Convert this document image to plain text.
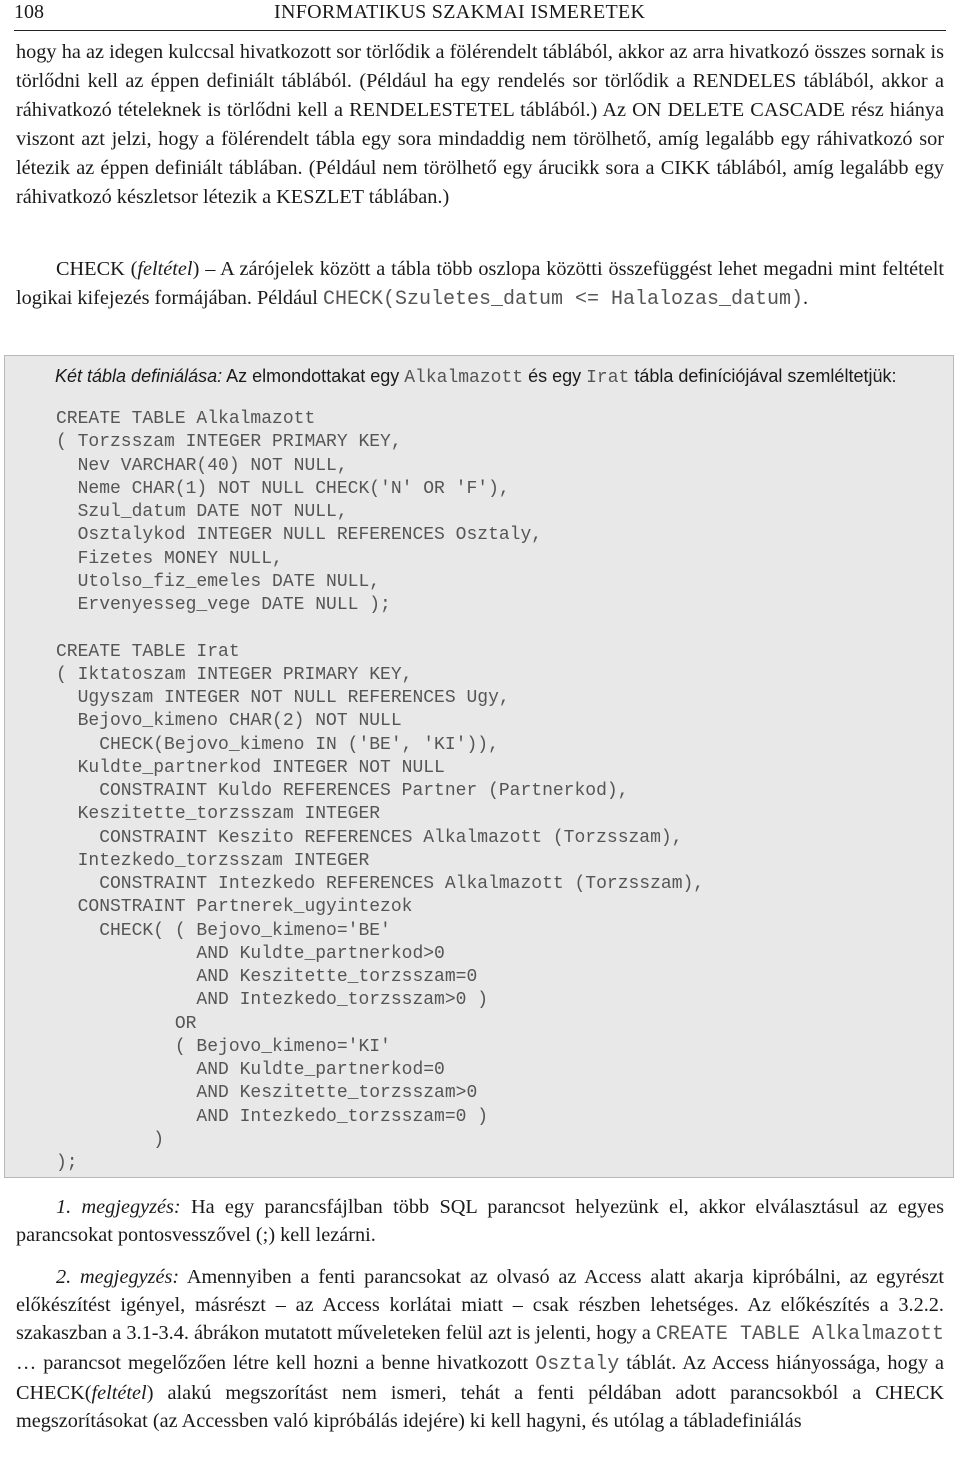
108	INFORMATIKUS SZAKMAI ISMERETEK

hogy ha az idegen kulccsal hivatkozott sor törlődik a fölérendelt táblából, akkor az arra hivatkozó összes sornak is törlődni kell az éppen definiált táblából. (Például ha egy rendelés sor törlődik a RENDELES táblából, akkor a ráhivatkozó tételeknek is törlődni kell a RENDELESTETEL táblából.) Az ON DELETE CASCADE rész hiánya viszont azt jelzi, hogy a fölérendelt tábla egy sora mindaddig nem törölhető, amíg legalább egy ráhivatkozó sor létezik az éppen definiált táblában. (Például nem törölhető egy árucikk sora a CIKK táblából, amíg legalább egy ráhivatkozó készletsor létezik a KESZLET táblában.)

CHECK (feltétel) – A zárójelek között a tábla több oszlopa közötti összefüggést lehet megadni mint feltételt logikai kifejezés formájában. Például CHECK(Szuletes_datum <= Halalozas_datum).

Két tábla definiálása: Az elmondottakat egy Alkalmazott és egy Irat tábla definíciójával szemléltetjük:

CREATE TABLE Alkalmazott
( Torzsszam INTEGER PRIMARY KEY,
Nev VARCHAR(40) NOT NULL,
Neme CHAR(1) NOT NULL CHECK('N' OR 'F'),
Szul_datum DATE NOT NULL,
Osztalykod INTEGER NULL REFERENCES Osztaly,
Fizetes MONEY NULL,
Utolso_fiz_emeles DATE NULL,
Ervenyesseg_vege DATE NULL );

CREATE TABLE Irat
( Iktatoszam INTEGER PRIMARY KEY,
Ugyszam INTEGER NOT NULL REFERENCES Ugy,
Bejovo_kimeno CHAR(2) NOT NULL
CHECK(Bejovo_kimeno IN ('BE', 'KI')),
Kuldte_partnerkod INTEGER NOT NULL
CONSTRAINT Kuldo REFERENCES Partner (Partnerkod),
Keszitette_torzsszam INTEGER
CONSTRAINT Keszito REFERENCES Alkalmazott (Torzsszam),
Intezkedo_torzsszam INTEGER
CONSTRAINT Intezkedo REFERENCES Alkalmazott (Torzsszam),
CONSTRAINT Partnerek_ugyintezok
CHECK( ( Bejovo_kimeno='BE'
AND Kuldte_partnerkod>0
AND Keszitette_torzsszam=0
AND Intezkedo_torzsszam>0 )
OR
( Bejovo_kimeno='KI'
AND Kuldte_partnerkod=0
AND Keszitette_torzsszam>0
AND Intezkedo_torzsszam=0 )
)
);

1. megjegyzés: Ha egy parancsfájlban több SQL parancsot helyezünk el, akkor elválasztásul az egyes parancsokat pontosvesszővel (;) kell lezárni.

2. megjegyzés: Amennyiben a fenti parancsokat az olvasó az Access alatt akarja kipróbálni, az egyrészt előkészítést igényel, másrészt – az Access korlátai miatt – csak részben lehetséges. Az előkészítés a 3.2.2. szakaszban a 3.1-3.4. ábrákon mutatott műveleteken felül azt is jelenti, hogy a CREATE TABLE Alkalmazott … parancsot megelőzően létre kell hozni a benne hivatkozott Osztaly táblát. Az Access hiányossága, hogy a CHECK(feltétel) alakú megszorítást nem ismeri, tehát a fenti példában adott parancsokból a CHECK megszorításokat (az Accessben való kipróbálás idejére) ki kell hagyni, és utólag a tábladefiniálás
